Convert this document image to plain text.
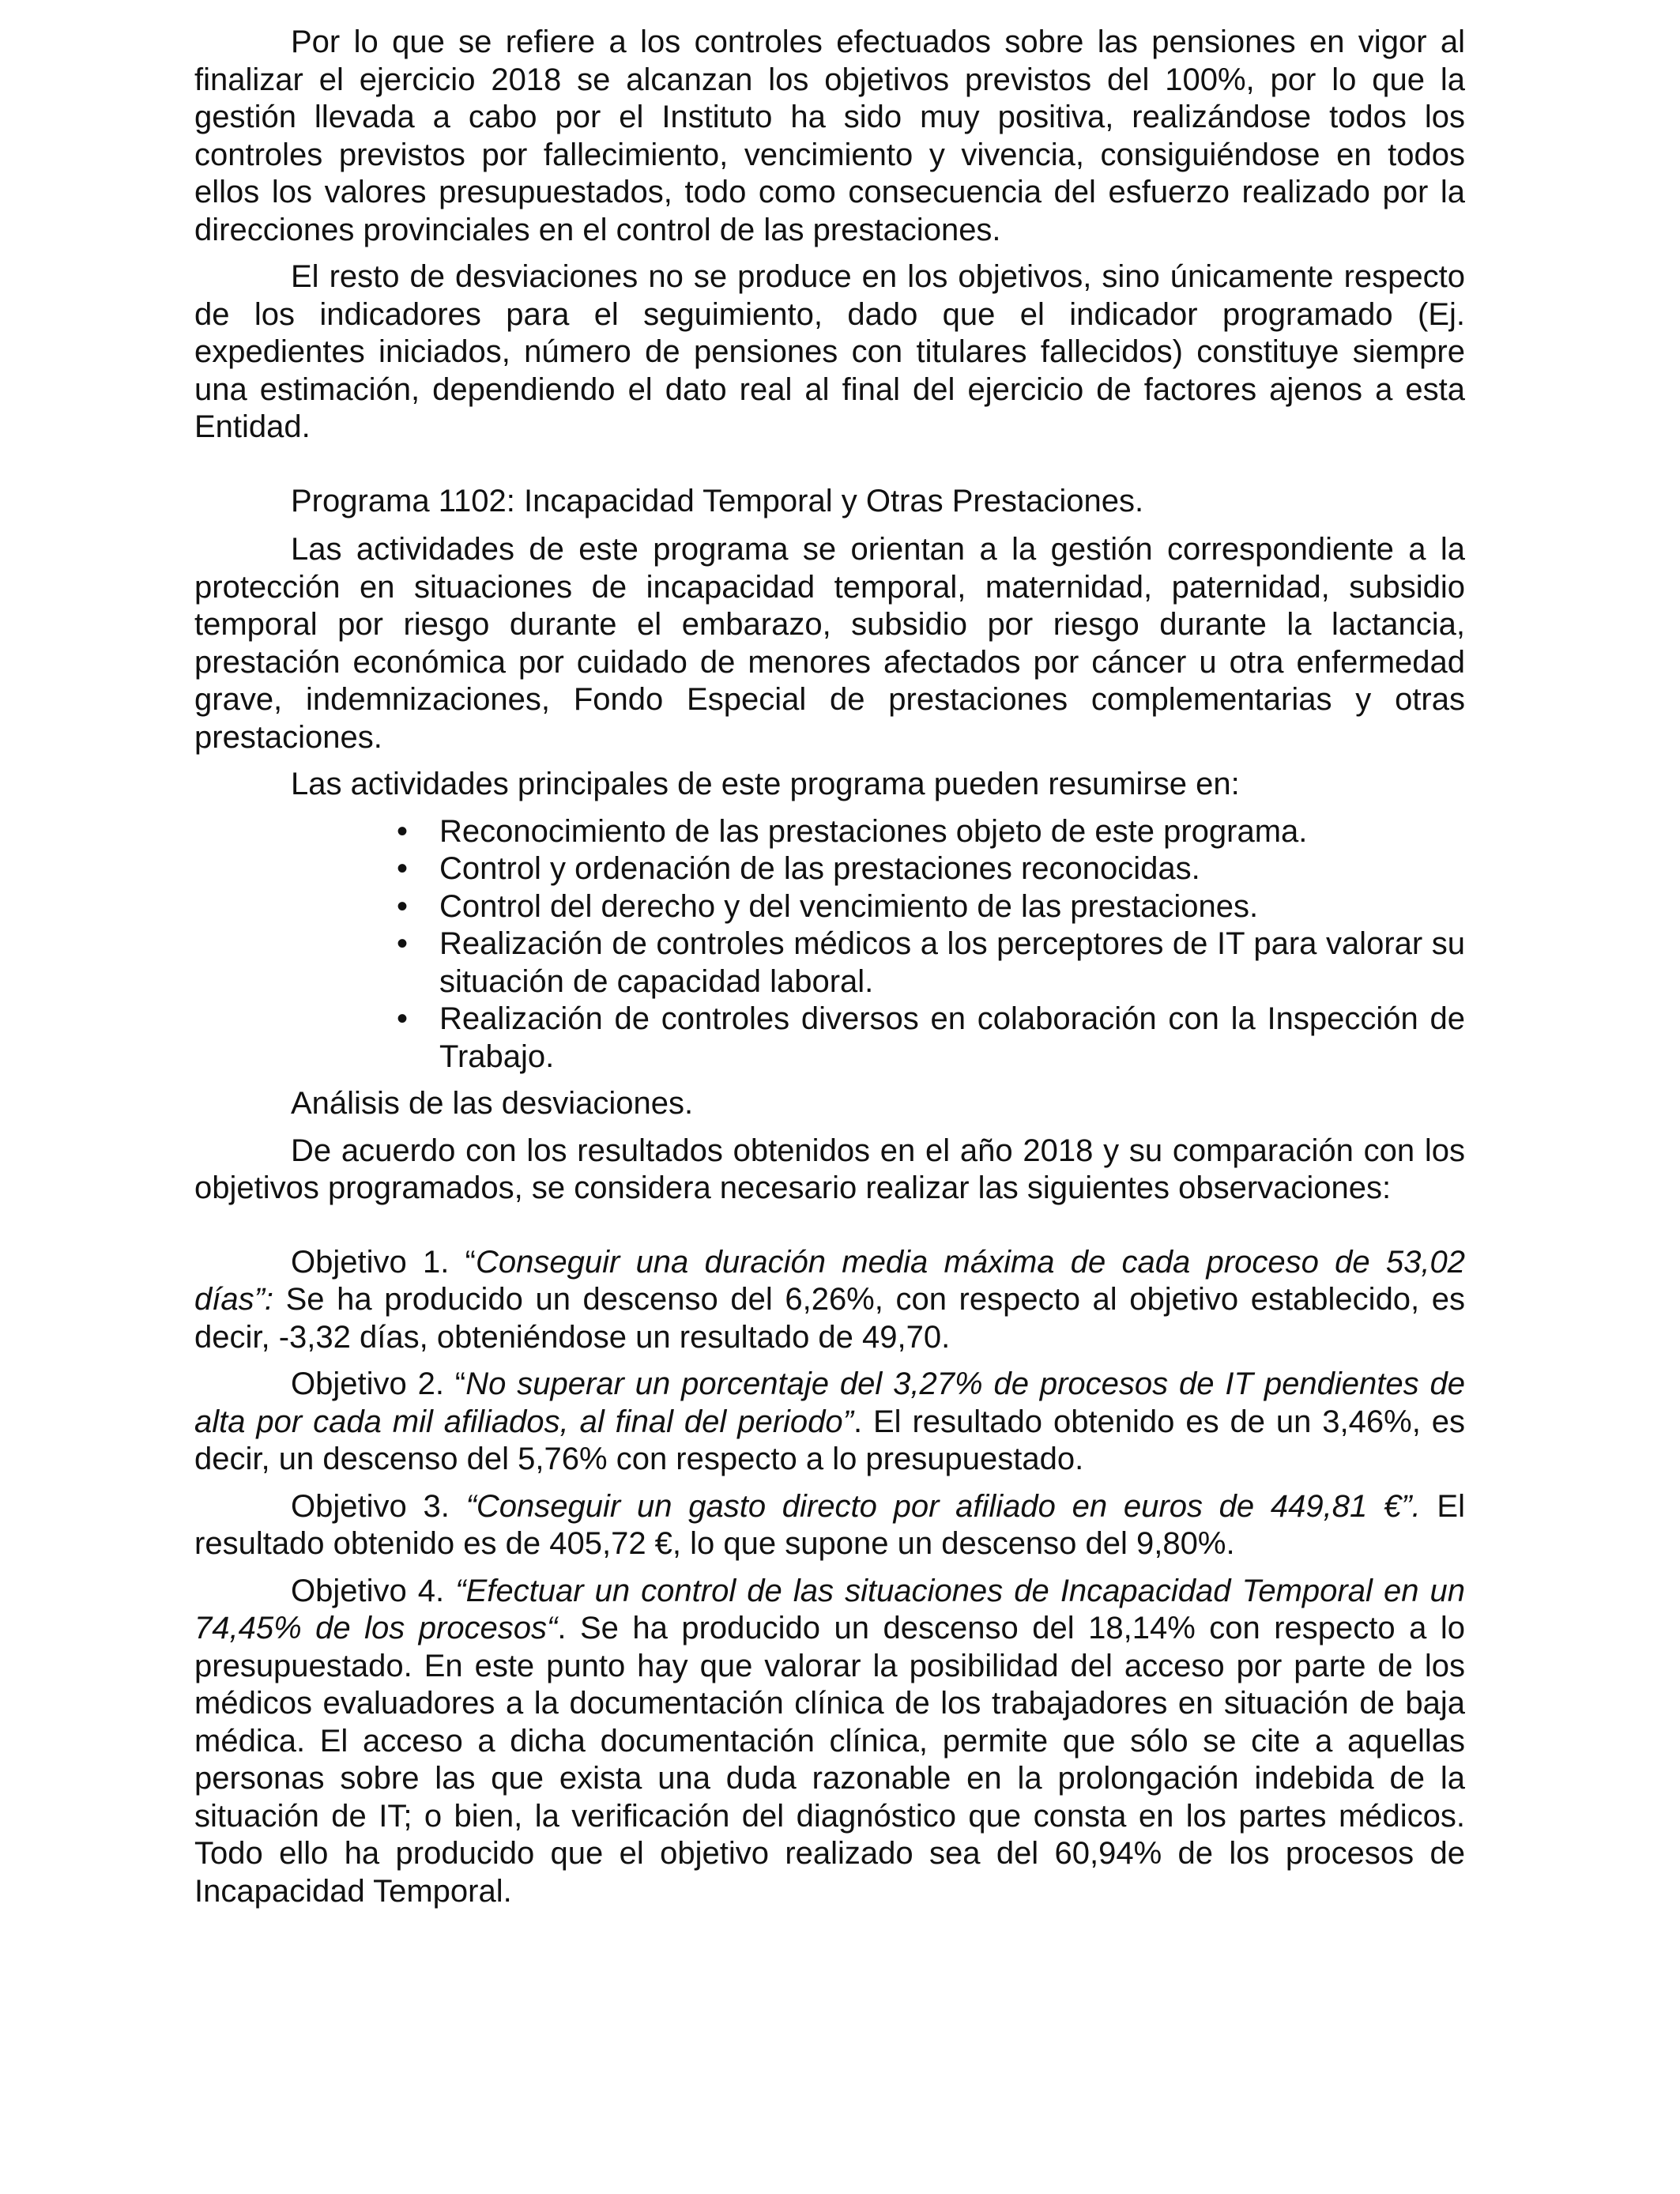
Por lo que se refiere a los controles efectuados sobre las pensiones en vigor al finalizar el ejercicio 2018 se alcanzan los objetivos previstos del 100%, por lo que la gestión llevada a cabo por el Instituto ha sido muy positiva, realizándose todos los controles previstos por fallecimiento, vencimiento y vivencia, consiguiéndose en todos ellos los valores presupuestados, todo como consecuencia del esfuerzo realizado por la direcciones provinciales en el control de las prestaciones.

El resto de desviaciones no se produce en los objetivos, sino únicamente respecto de los indicadores para el seguimiento, dado que el indicador programado (Ej. expedientes iniciados, número de pensiones con titulares fallecidos) constituye siempre una estimación, dependiendo el dato real al final del ejercicio de factores ajenos a esta Entidad.

Programa 1102: Incapacidad Temporal y Otras Prestaciones.

Las actividades de este programa se orientan a la gestión correspondiente a la protección en situaciones de incapacidad temporal, maternidad, paternidad, subsidio temporal por riesgo durante el embarazo, subsidio por riesgo durante la lactancia, prestación económica por cuidado de menores afectados por cáncer u otra enfermedad grave, indemnizaciones, Fondo Especial de prestaciones complementarias y otras prestaciones.

Las actividades principales de este programa pueden resumirse en:

• Reconocimiento de las prestaciones objeto de este programa.
• Control y ordenación de las prestaciones reconocidas.
• Control del derecho y del vencimiento de las prestaciones.
• Realización de controles médicos a los perceptores de IT para valorar su situación de capacidad laboral.
• Realización de controles diversos en colaboración con la Inspección de Trabajo.

Análisis de las desviaciones.

De acuerdo con los resultados obtenidos en el año 2018 y su comparación con los objetivos programados, se considera necesario realizar las siguientes observaciones:

Objetivo 1. “Conseguir una duración media máxima de cada proceso de 53,02 días”: Se ha producido un descenso del 6,26%, con respecto al objetivo establecido, es decir, -3,32 días, obteniéndose un resultado de 49,70.

Objetivo 2. “No superar un porcentaje del 3,27% de procesos de IT pendientes de alta por cada mil afiliados, al final del periodo”. El resultado obtenido es de un 3,46%, es decir, un descenso del 5,76% con respecto a lo presupuestado.

Objetivo 3. “Conseguir un gasto directo por afiliado en euros de 449,81 €”. El resultado obtenido es de 405,72 €, lo que supone un descenso del 9,80%.

Objetivo 4. “Efectuar un control de las situaciones de Incapacidad Temporal en un 74,45% de los procesos“. Se ha producido un descenso del 18,14% con respecto a lo presupuestado. En este punto hay que valorar la posibilidad del acceso por parte de los médicos evaluadores a la documentación clínica de los trabajadores en situación de baja médica. El acceso a dicha documentación clínica, permite que sólo se cite a aquellas personas sobre las que exista una duda razonable en la prolongación indebida de la situación de IT; o bien, la verificación del diagnóstico que consta en los partes médicos. Todo ello ha producido que el objetivo realizado sea del 60,94% de los procesos de Incapacidad Temporal.
